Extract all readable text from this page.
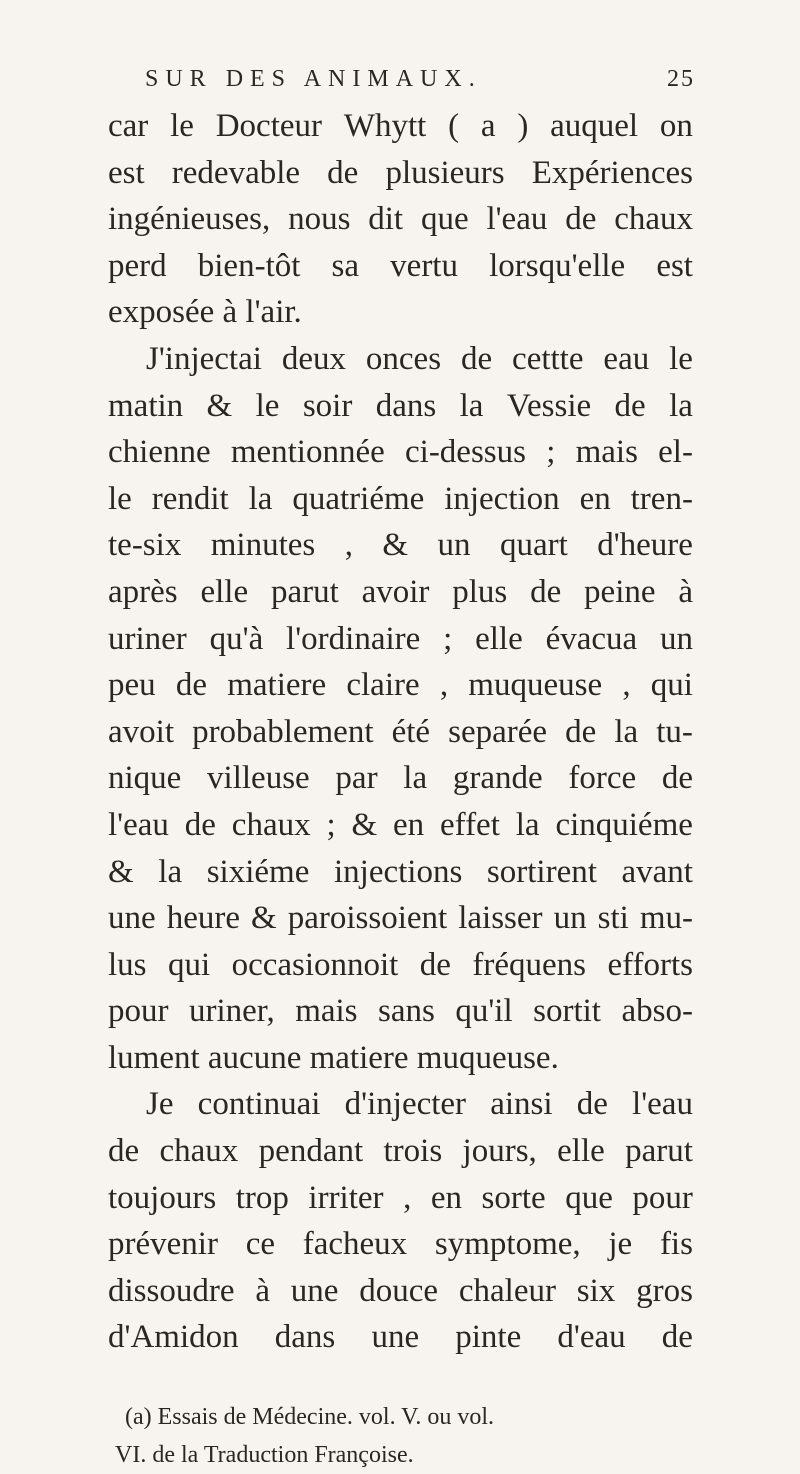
SUR DES ANIMAUX.	25
car le Docteur Whytt ( a ) auquel on
est redevable de plusieurs Expériences
ingénieuses, nous dit que l'eau de chaux
perd bien-tôt sa vertu lorsqu'elle est
exposée à l'air.
J'injectai deux onces de cettte eau le
matin & le soir dans la Vessie de la
chienne mentionnée ci-dessus ; mais el-
le rendit la quatriéme injection en tren-
te-six minutes , & un quart d'heure
après elle parut avoir plus de peine à
uriner qu'à l'ordinaire ; elle évacua un
peu de matiere claire , muqueuse , qui
avoit probablement été separée de la tu-
nique villeuse par la grande force de
l'eau de chaux ; & en effet la cinquiéme
& la sixiéme injections sortirent avant
une heure & paroissoient laisser un sti mu-
lus qui occasionnoit de fréquens efforts
pour uriner, mais sans qu'il sortit abso-
lument aucune matiere muqueuse.
Je continuai d'injecter ainsi de l'eau
de chaux pendant trois jours, elle parut
toujours trop irriter , en sorte que pour
prévenir ce facheux symptome, je fis
dissoudre à une douce chaleur six gros
d'Amidon dans une pinte d'eau de
(a) Essais de Médecine. vol. V. ou vol.
VI. de la Traduction Françoise.
